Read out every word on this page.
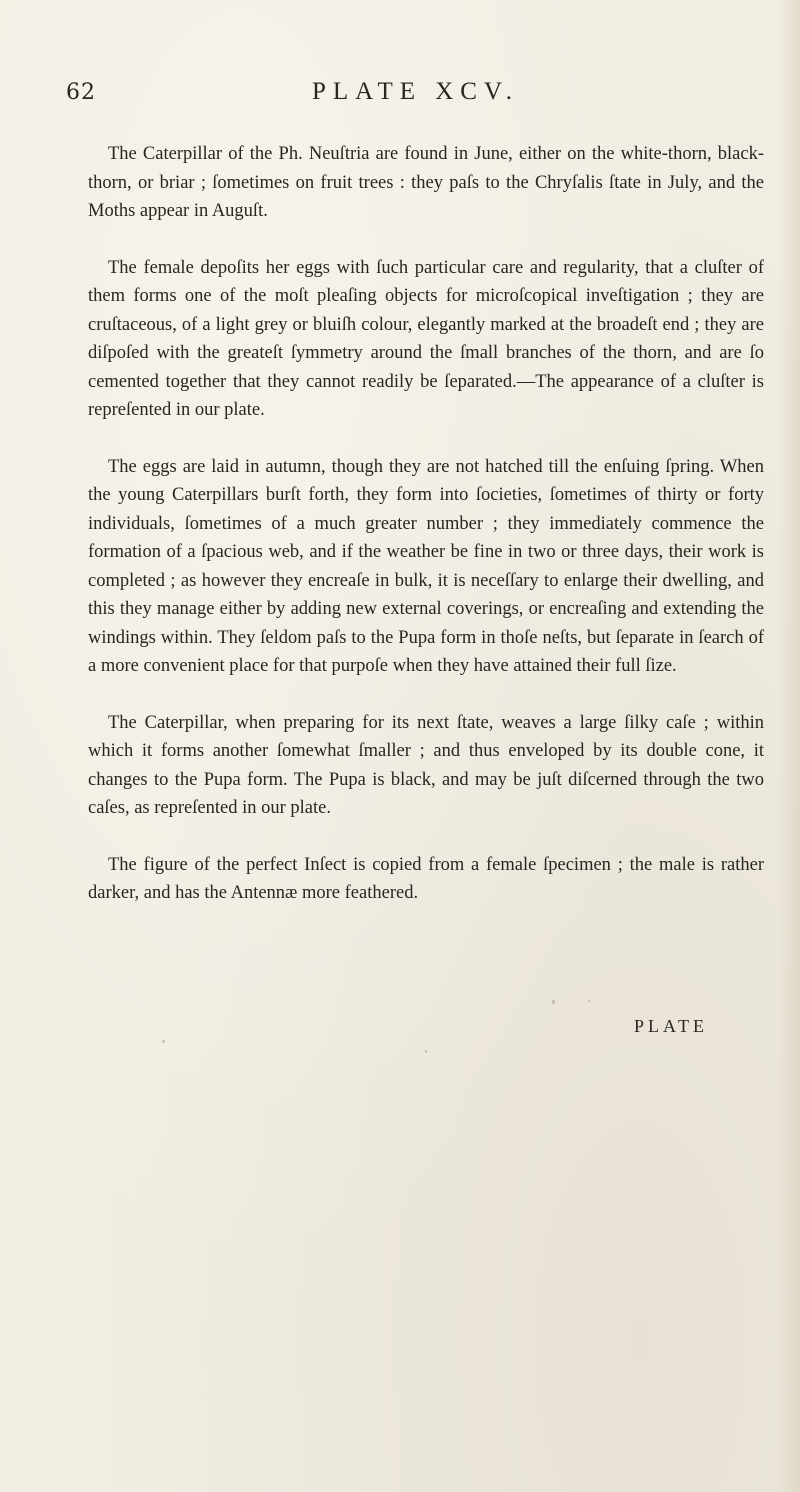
62	PLATE XCV.

The Caterpillar of the Ph. Neuſtria are found in June, either on the white-thorn, black-thorn, or briar ; ſometimes on fruit trees : they paſs to the Chryſalis ſtate in July, and the Moths appear in Auguſt.

The female depoſits her eggs with ſuch particular care and regularity, that a cluſter of them forms one of the moſt pleaſing objects for microſcopical inveſtigation ; they are cruſtaceous, of a light grey or bluiſh colour, elegantly marked at the broadeſt end ; they are diſpoſed with the greateſt ſymmetry around the ſmall branches of the thorn, and are ſo cemented together that they cannot readily be ſeparated.—The appearance of a cluſter is repreſented in our plate.

The eggs are laid in autumn, though they are not hatched till the enſuing ſpring. When the young Caterpillars burſt forth, they form into ſocieties, ſometimes of thirty or forty individuals, ſometimes of a much greater number ; they immediately commence the formation of a ſpacious web, and if the weather be fine in two or three days, their work is completed ; as however they encreaſe in bulk, it is neceſſary to enlarge their dwelling, and this they manage either by adding new external coverings, or encreaſing and extending the windings within. They ſeldom paſs to the Pupa form in thoſe neſts, but ſeparate in ſearch of a more convenient place for that purpoſe when they have attained their full ſize.

The Caterpillar, when preparing for its next ſtate, weaves a large ſilky caſe ; within which it forms another ſomewhat ſmaller ; and thus enveloped by its double cone, it changes to the Pupa form. The Pupa is black, and may be juſt diſcerned through the two caſes, as repreſented in our plate.

The figure of the perfect Inſect is copied from a female ſpecimen ; the male is rather darker, and has the Antennæ more feathered.

PLATE
